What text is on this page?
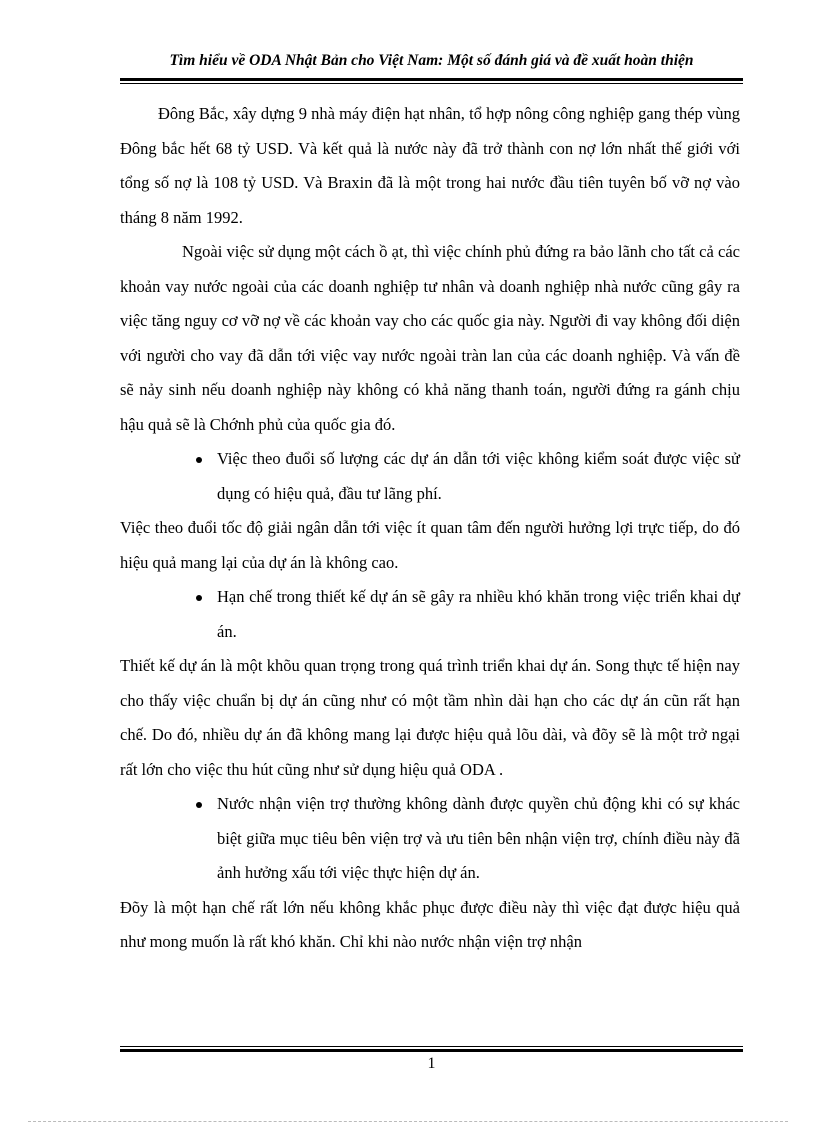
Tìm hiểu về ODA Nhật Bản cho Việt Nam: Một số đánh giá và đề xuất hoàn thiện

Đông Bắc, xây dựng 9 nhà máy điện hạt nhân, tổ hợp nông công nghiệp gang thép vùng Đông bắc hết 68 tỷ USD. Và kết quả là nước này đã trở thành con nợ lớn nhất thế giới với tổng số nợ là 108 tỷ USD. Và Braxin đã là một trong hai nước đầu tiên tuyên bố vỡ nợ vào tháng 8 năm 1992.

Ngoài việc sử dụng một cách ồ ạt, thì việc chính phủ đứng ra bảo lãnh cho tất cả các khoản vay nước ngoài của các doanh nghiệp tư nhân và doanh nghiệp nhà nước cũng gây ra việc tăng nguy cơ vỡ nợ về các khoản vay cho các quốc gia này. Người đi vay không đối diện với người cho vay đã dẫn tới việc vay nước ngoài tràn lan của các doanh nghiệp. Và vấn đề sẽ nảy sinh nếu doanh nghiệp này không có khả năng thanh toán, người đứng ra gánh chịu hậu quả sẽ là Chớnh phủ của quốc gia đó.

Việc theo đuổi số lượng các dự án dẫn tới việc không kiểm soát được việc sử dụng có hiệu quả, đầu tư lãng phí.

Việc theo đuổi tốc độ giải ngân dẫn tới việc ít quan tâm đến người hưởng lợi trực tiếp, do đó hiệu quả mang lại của dự án là không cao.

Hạn chế trong thiết kế dự án sẽ gây ra nhiều khó khăn trong việc triển khai dự án.

Thiết kế dự án là một khõu quan trọng trong quá trình triển khai dự án. Song thực tế hiện nay cho thấy việc chuẩn bị dự án cũng như có một tầm nhìn dài hạn cho các dự án cũn rất hạn chế. Do đó, nhiều dự án đã không mang lại được hiệu quả lõu dài, và đõy sẽ là một trở ngại rất lớn cho việc thu hút cũng như sử dụng hiệu quả ODA .

Nước nhận viện trợ thường không dành được quyền chủ động khi có sự khác biệt giữa mục tiêu bên viện trợ và ưu tiên bên nhận viện trợ, chính điều này đã ảnh hưởng xấu tới việc thực hiện dự án.

Đõy là một hạn chế rất lớn nếu không khắc phục được điều này thì việc đạt được hiệu quả như mong muốn là rất khó khăn. Chỉ khi nào nước nhận viện trợ nhận

1
